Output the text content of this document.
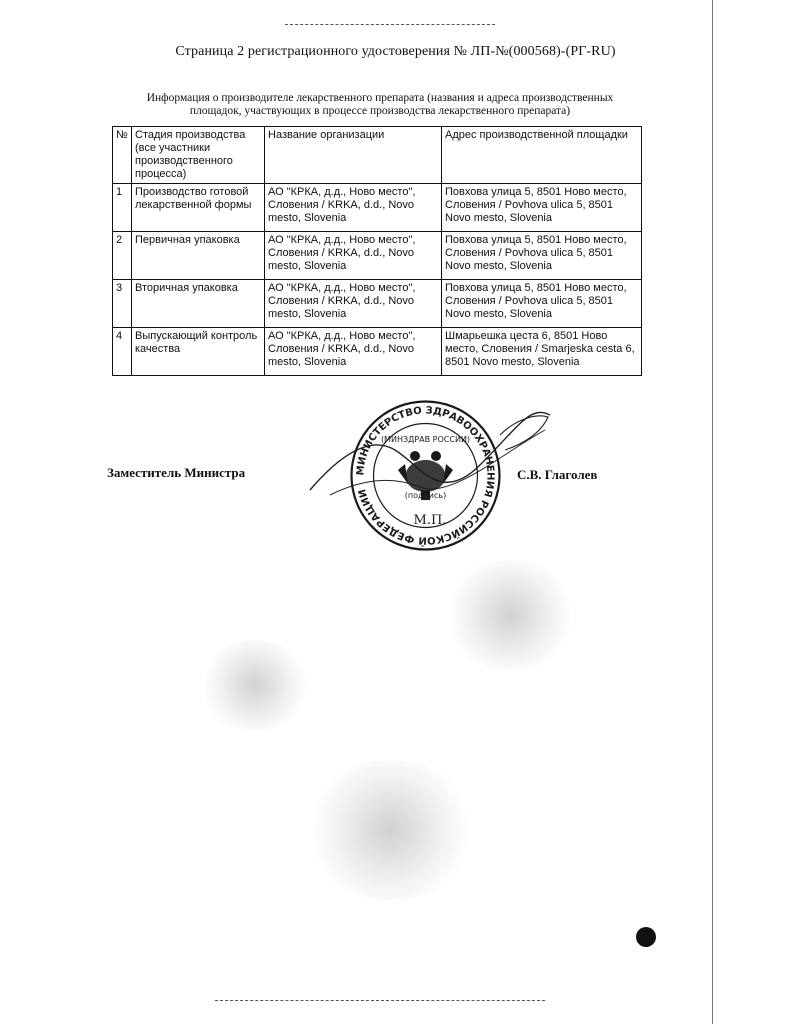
Страница 2 регистрационного удостоверения № ЛП-№(000568)-(РГ-RU)
Информация о производителе лекарственного препарата (названия и адреса производственных
площадок, участвующих в процессе производства лекарственного препарата)
№	Стадия производства (все участники производственного процесса)	Название организации	Адрес производственной площадки
1	Производство готовой лекарственной формы	АО "КРКА, д.д., Ново место", Словения / KRKA, d.d., Novo mesto, Slovenia	Повхова улица 5, 8501 Ново место, Словения / Povhova ulica 5, 8501 Novo mesto, Slovenia
2	Первичная упаковка	АО "КРКА, д.д., Ново место", Словения / KRKA, d.d., Novo mesto, Slovenia	Повхова улица 5, 8501 Ново место, Словения / Povhova ulica 5, 8501 Novo mesto, Slovenia
3	Вторичная упаковка	АО "КРКА, д.д., Ново место", Словения / KRKA, d.d., Novo mesto, Slovenia	Повхова улица 5, 8501 Ново место, Словения / Povhova ulica 5, 8501 Novo mesto, Slovenia
4	Выпускающий контроль качества	АО "КРКА, д.д., Ново место", Словения / KRKA, d.d., Novo mesto, Slovenia	Шмарьешка цеста 6, 8501 Ново место, Словения / Smarjeska cesta 6, 8501 Novo mesto, Slovenia
МИНИСТЕРСТВО ЗДРАВООХРАНЕНИЯ РОССИЙСКОЙ ФЕДЕРАЦИИ
(МИНЗДРАВ РОССИИ)
(подпись)
М.П.
Заместитель Министра	С.В. Глаголев
